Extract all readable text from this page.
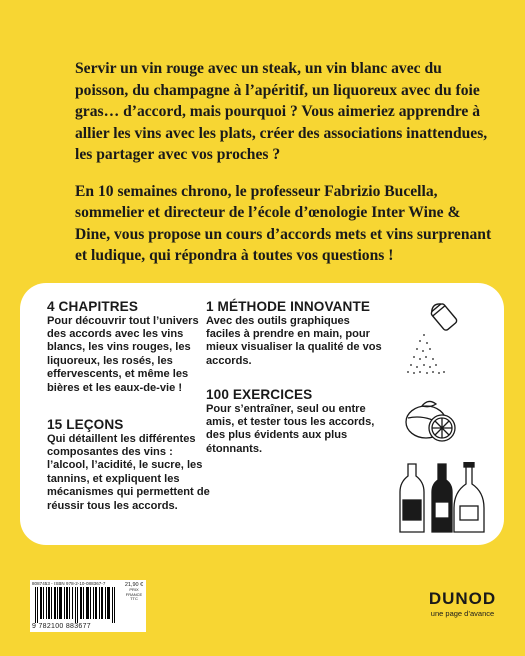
Servir un vin rouge avec un steak, un vin blanc avec du poisson, du champagne à l’apéritif, un liquoreux avec du foie gras… d’accord, mais pourquoi ? Vous aimeriez apprendre à allier les vins avec les plats, créer des associations inattendues, les partager avec vos proches ?

En 10 semaines chrono, le professeur Fabrizio Bucella, sommelier et directeur de l’école d’œnologie Inter Wine & Dine, vous propose un cours d’accords mets et vins surprenant et ludique, qui répondra à toutes vos questions !

4 CHAPITRES

Pour découvrir tout l’univers des accords avec les vins blancs, les vins rouges, les liquoreux, les rosés, les effervescents, et même les bières et les eaux-de-vie !

15 LEÇONS

Qui détaillent les différentes composantes des vins : l’alcool, l’acidité, le sucre, les tannins, et expliquent les mécanismes qui permettent de réussir tous les accords.

1 MÉTHODE INNOVANTE

Avec des outils graphiques faciles à prendre en main, pour mieux visualiser la qualité de vos accords.

100 EXERCICES

Pour s’entraîner, seul ou entre amis, et tester tous les accords, des plus évidents aux plus étonnants.

8087453 - ISBN 978-2-10-088367-7
9 782100 883677
21,90 €
PRIX
FRANCE
TTC	DUNOD
une page d’avance
